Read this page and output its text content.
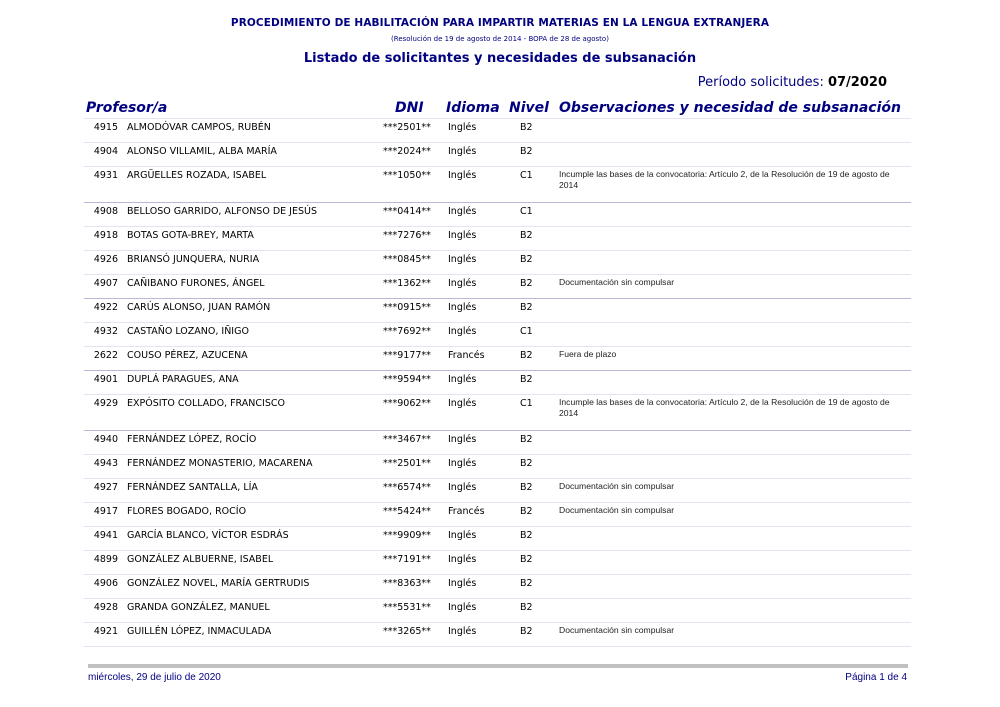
PROCEDIMIENTO DE HABILITACIÓN PARA IMPARTIR MATERIAS EN LA LENGUA EXTRANJERA
(Resolución de 19 de agosto de 2014 - BOPA de 28 de agosto)
Listado de solicitantes y necesidades de subsanación
Período solicitudes: 07/2020
Profesor/a	DNI Idioma Nivel Observaciones y necesidad de subsanación
4915 ALMODÓVAR CAMPOS, RUBÉN	***2501** Inglés	B2
4904 ALONSO VILLAMIL, ALBA MARÍA	***2024** Inglés	B2
4931 ARGÜELLES ROZADA, ISABEL	***1050** Inglés	C1	Incumple las bases de la convocatoria: Artículo 2, de la Resolución de 19 de agosto de 2014
4908 BELLOSO GARRIDO, ALFONSO DE JESÚS	***0414** Inglés	C1
4918 BOTAS GOTA-BREY, MARTA	***7276** Inglés	B2
4926 BRIANSÓ JUNQUERA, NURIA	***0845** Inglés	B2
4907 CAÑIBANO FURONES, ÁNGEL	***1362** Inglés	B2	Documentación sin compulsar
4922 CARÚS ALONSO, JUAN RAMÓN	***0915** Inglés	B2
4932 CASTAÑO LOZANO, IÑIGO	***7692** Inglés	C1
2622 COUSO PÉREZ, AZUCENA	***9177** Francés	B2	Fuera de plazo
4901 DUPLÁ PARAGUES, ANA	***9594** Inglés	B2
4929 EXPÓSITO COLLADO, FRANCISCO	***9062** Inglés	C1	Incumple las bases de la convocatoria: Artículo 2, de la Resolución de 19 de agosto de 2014
4940 FERNÁNDEZ LÓPEZ, ROCÍO	***3467** Inglés	B2
4943 FERNÁNDEZ MONASTERIO, MACARENA	***2501** Inglés	B2
4927 FERNÁNDEZ SANTALLA, LÍA	***6574** Inglés	B2	Documentación sin compulsar
4917 FLORES BOGADO, ROCÍO	***5424** Francés	B2	Documentación sin compulsar
4941 GARCÍA BLANCO, VÍCTOR ESDRÁS	***9909** Inglés	B2
4899 GONZÁLEZ ALBUERNE, ISABEL	***7191** Inglés	B2
4906 GONZÁLEZ NOVEL, MARÍA GERTRUDIS	***8363** Inglés	B2
4928 GRANDA GONZÁLEZ, MANUEL	***5531** Inglés	B2
4921 GUILLÉN LÓPEZ, INMACULADA	***3265** Inglés	B2	Documentación sin compulsar
miércoles, 29 de julio de 2020	Página 1 de 4
